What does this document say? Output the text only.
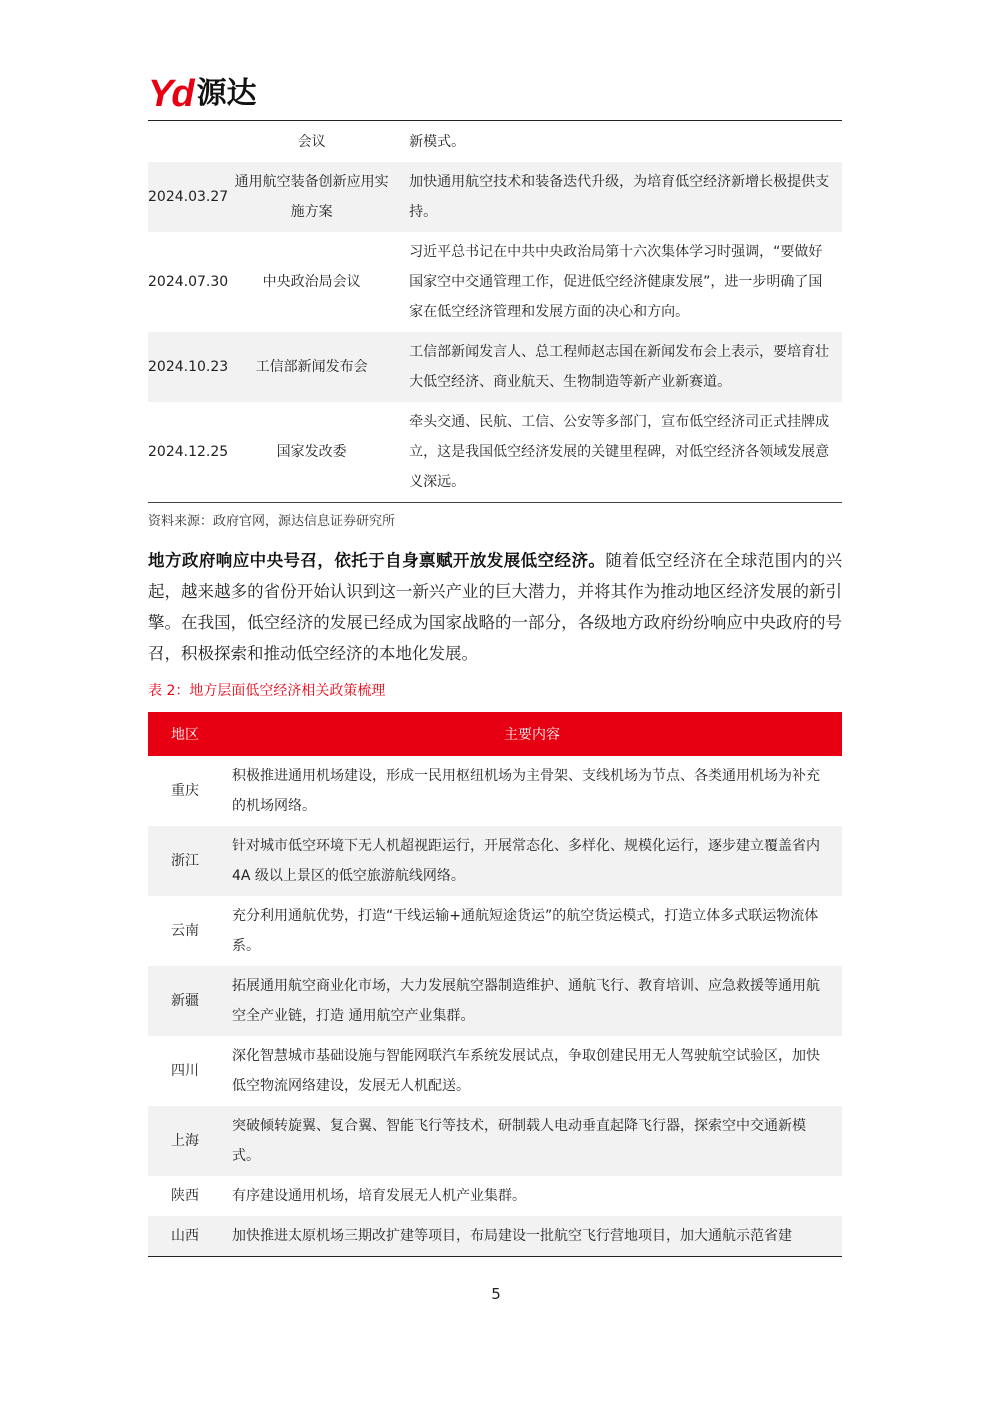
Yd 源达
	会议	新模式。
2024.03.27	通用航空装备创新应用实施方案	加快通用航空技术和装备迭代升级，为培育低空经济新增长极提供支持。
2024.07.30	中央政治局会议	习近平总书记在中共中央政治局第十六次集体学习时强调，“要做好国家空中交通管理工作，促进低空经济健康发展”，进一步明确了国家在低空经济管理和发展方面的决心和方向。
2024.10.23	工信部新闻发布会	工信部新闻发言人、总工程师赵志国在新闻发布会上表示，要培育壮大低空经济、商业航天、生物制造等新产业新赛道。
2024.12.25	国家发改委	牵头交通、民航、工信、公安等多部门，宣布低空经济司正式挂牌成立，这是我国低空经济发展的关键里程碑，对低空经济各领域发展意义深远。
资料来源：政府官网，源达信息证券研究所
地方政府响应中央号召，依托于自身禀赋开放发展低空经济。随着低空经济在全球范围内的兴起，越来越多的省份开始认识到这一新兴产业的巨大潜力，并将其作为推动地区经济发展的新引擎。在我国，低空经济的发展已经成为国家战略的一部分，各级地方政府纷纷响应中央政府的号召，积极探索和推动低空经济的本地化发展。
表 2：地方层面低空经济相关政策梳理
地区	主要内容
重庆	积极推进通用机场建设，形成一民用枢纽机场为主骨架、支线机场为节点、各类通用机场为补充的机场网络。
浙江	针对城市低空环境下无人机超视距运行，开展常态化、多样化、规模化运行，逐步建立覆盖省内 4A 级以上景区的低空旅游航线网络。
云南	充分利用通航优势，打造“干线运输+通航短途货运”的航空货运模式，打造立体多式联运物流体系。
新疆	拓展通用航空商业化市场，大力发展航空器制造维护、通航飞行、教育培训、应急救援等通用航空全产业链，打造 通用航空产业集群。
四川	深化智慧城市基础设施与智能网联汽车系统发展试点，争取创建民用无人驾驶航空试验区，加快低空物流网络建设，发展无人机配送。
上海	突破倾转旋翼、复合翼、智能飞行等技术，研制载人电动垂直起降飞行器，探索空中交通新模式。
陕西	有序建设通用机场，培育发展无人机产业集群。
山西	加快推进太原机场三期改扩建等项目，布局建设一批航空飞行营地项目，加大通航示范省建
5
